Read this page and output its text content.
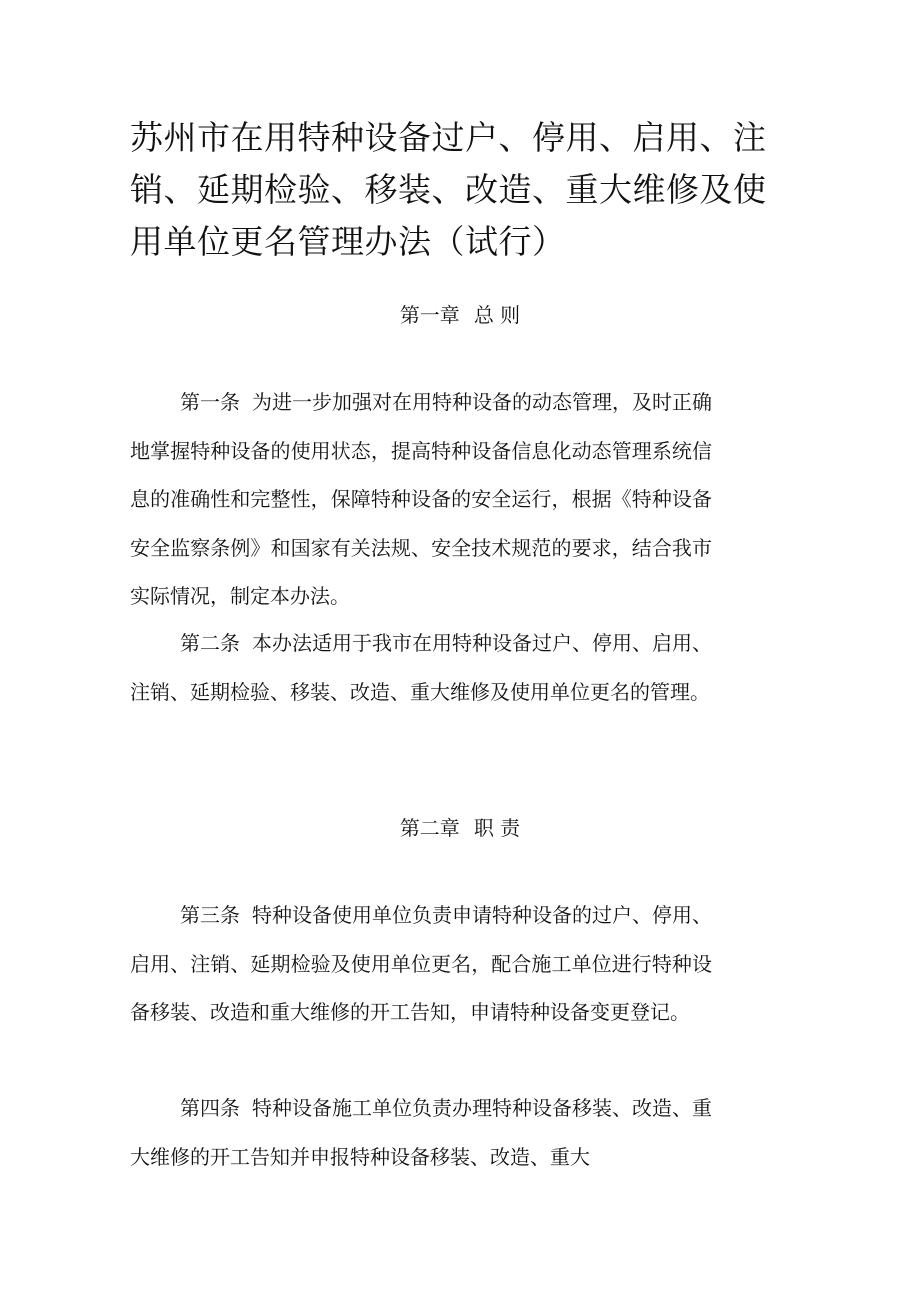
苏州市在用特种设备过户、停用、启用、注销、延期检验、移装、改造、重大维修及使用单位更名管理办法（试行）
第一章 总 则

第一条 为进一步加强对在用特种设备的动态管理，及时正确地掌握特种设备的使用状态，提高特种设备信息化动态管理系统信息的准确性和完整性，保障特种设备的安全运行，根据《特种设备安全监察条例》和国家有关法规、安全技术规范的要求，结合我市实际情况，制定本办法。

第二条 本办法适用于我市在用特种设备过户、停用、启用、注销、延期检验、移装、改造、重大维修及使用单位更名的管理。

第二章 职 责

第三条 特种设备使用单位负责申请特种设备的过户、停用、启用、注销、延期检验及使用单位更名，配合施工单位进行特种设备移装、改造和重大维修的开工告知，申请特种设备变更登记。

第四条 特种设备施工单位负责办理特种设备移装、改造、重大维修的开工告知并申报特种设备移装、改造、重大
